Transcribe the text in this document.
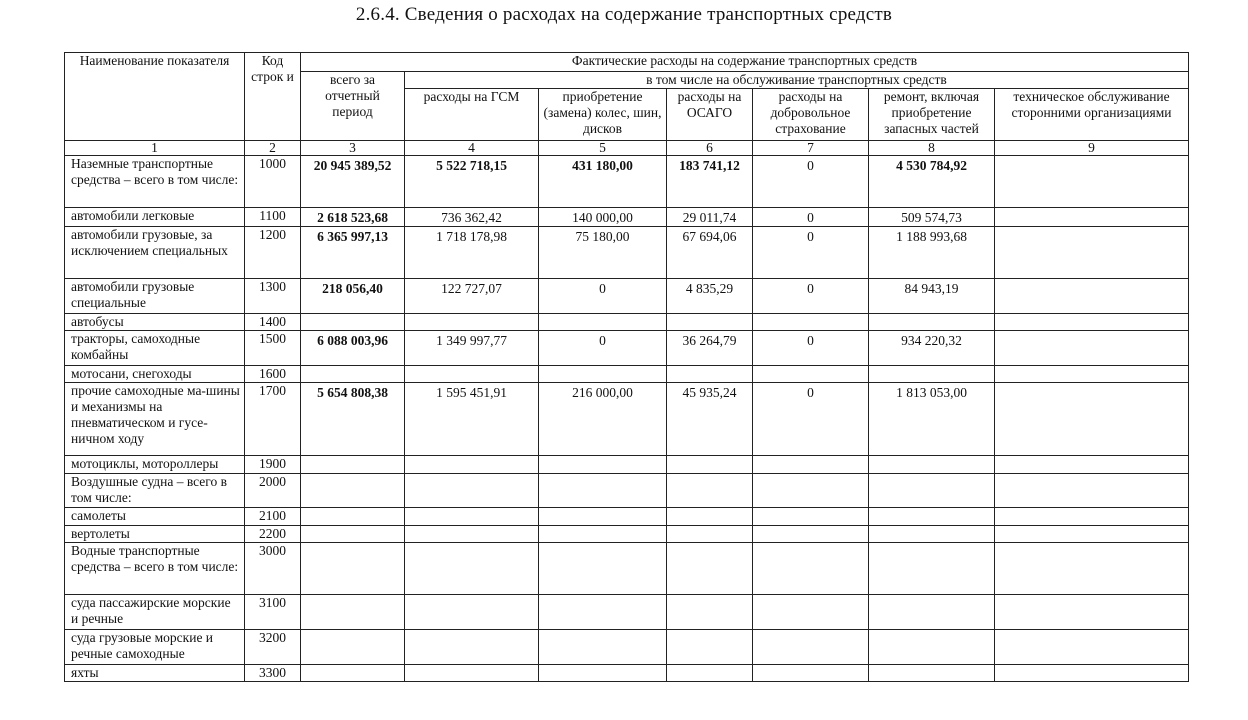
2.6.4. Сведения о расходах на содержание транспортных средств
Наименование показателя	Код строк и	Фактические расходы на содержание транспортных средств						
		всего за отчетный период	в том числе на обслуживание транспортных средств					
			расходы на ГСМ	приобретение (замена) колес, шин, дисков	расходы на ОСАГО	расходы на добровольное страхование	ремонт, включая приобретение запасных частей	техническое обслуживание сторонними организациями
1	2	3	4	5	6	7	8	9
Наземные транспортные средства – всего в том числе:	1000	20 945 389,52	5 522 718,15	431 180,00	183 741,12	0	4 530 784,92	
автомобили легковые	1100	2 618 523,68	736 362,42	140 000,00	29 011,74	0	509 574,73	
автомобили грузовые, за исключением специальных	1200	6 365 997,13	1 718 178,98	75 180,00	67 694,06	0	1 188 993,68	
автомобили грузовые специальные	1300	218 056,40	122 727,07	0	4 835,29	0	84 943,19	
автобусы	1400							
тракторы, самоходные комбайны	1500	6 088 003,96	1 349 997,77	0	36 264,79	0	934 220,32	
мотосани, снегоходы	1600							
прочие самоходные ма-шины и механизмы на пневматическом и гусе-ничном ходу	1700	5 654 808,38	1 595 451,91	216 000,00	45 935,24	0	1 813 053,00	
мотоциклы, мотороллеры	1900							
Воздушные судна – всего в том числе:	2000							
самолеты	2100							
вертолеты	2200							
Водные транспортные средства – всего в том числе:	3000							
суда пассажирские морские и речные	3100							
суда грузовые морские и речные самоходные	3200							
яхты	3300							
